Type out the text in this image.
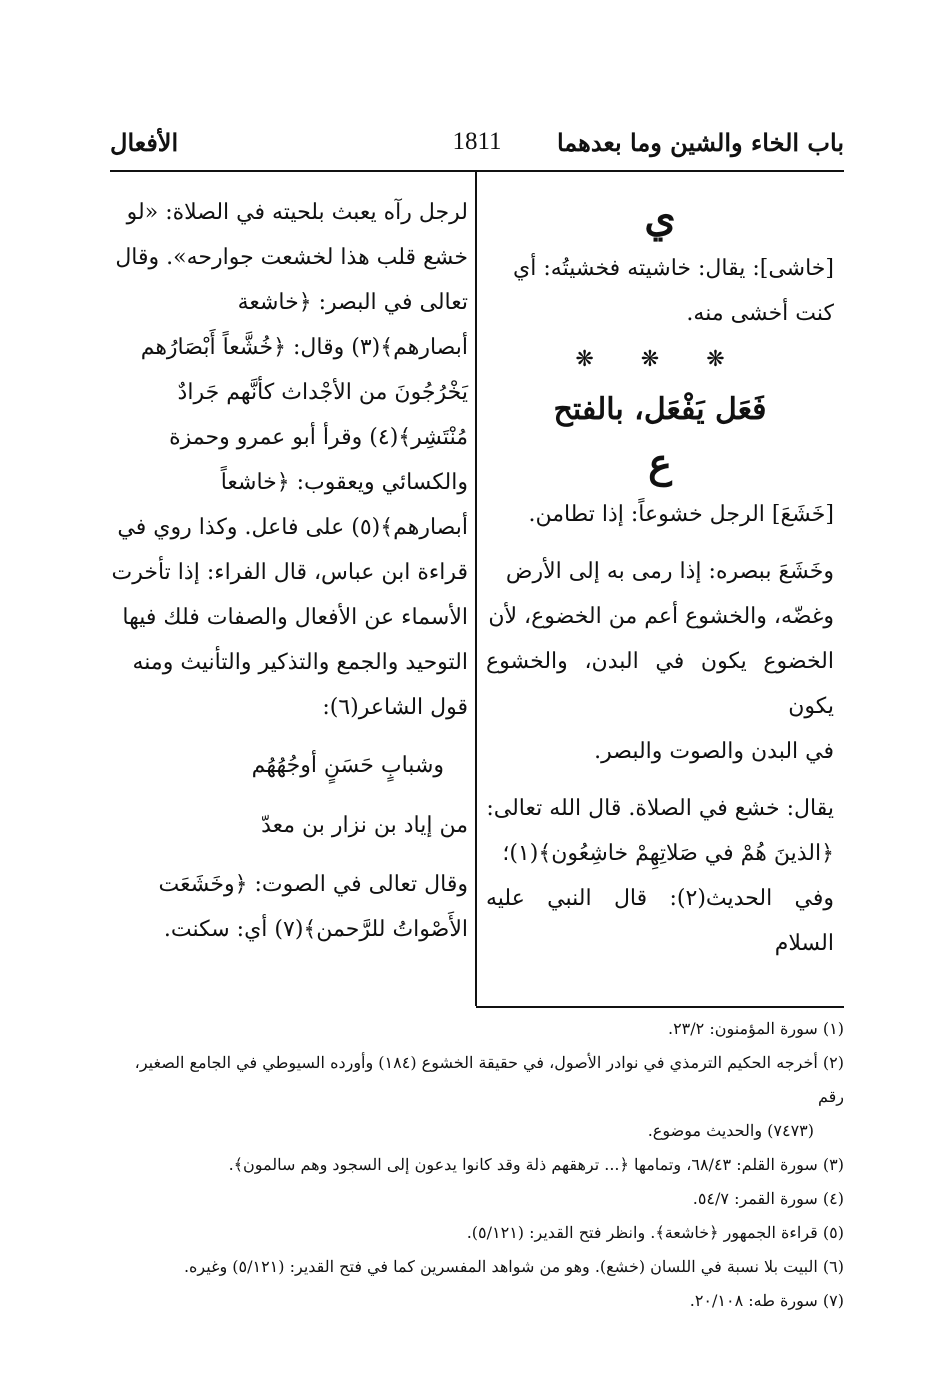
باب الخاء والشين وما بعدهما
1811
الأفعال

ي

[خاشى]: يقال: خاشيته فخشيتُه: أي

كنت أخشى منه.

❋ ❋ ❋

فَعَل يَفْعَل، بالفتح

ع

[خَشَعَ] الرجل خشوعاً: إذا تطامن.

وخَشَعَ ببصره: إذا رمى به إلى الأرض

وغضّه، والخشوع أعم من الخضوع، لأن

الخضوع يكون في البدن، والخشوع يكون

في البدن والصوت والبصر.

يقال: خشع في الصلاة. قال الله تعالى:

﴿الذينَ هُمْ في صَلاتِهِمْ خاشِعُون﴾(١)؛

وفي الحديث(٢): قال النبي عليه السلام

لرجل رآه يعبث بلحيته في الصلاة: «لو

خشع قلب هذا لخشعت جوارحه». وقال

تعالى في البصر: ﴿خاشعة

أبصارهم﴾(٣) وقال: ﴿خُشَّعاً أَبْصَارُهم

يَخْرُجُونَ من الأجْداث كأنَّهم جَرادٌ

مُنْتَشِر﴾(٤) وقرأ أبو عمرو وحمزة

والكسائي ويعقوب: ﴿خاشعاً

أبصارهم﴾(٥) على فاعل. وكذا روي في

قراءة ابن عباس، قال الفراء: إذا تأخرت

الأسماء عن الأفعال والصفات فلك فيها

التوحيد والجمع والتذكير والتأنيث ومنه

قول الشاعر(٦):

وشبابٍ حَسَنٍ أوجُهُهُم

من إياد بن نزار بن معدّ

وقال تعالى في الصوت: ﴿وخَشَعَت

الأَصْواتُ للرَّحمن﴾(٧) أي: سكنت.

(١) سورة المؤمنون: ٢٣/٢.

(٢) أخرجه الحكيم الترمذي في نوادر الأصول، في حقيقة الخشوع (١٨٤) وأورده السيوطي في الجامع الصغير، رقم

(٧٤٧٣) والحديث موضوع.

(٣) سورة القلم: ٦٨/٤٣، وتمامها ﴿... ترهقهم ذلة وقد كانوا يدعون إلى السجود وهم سالمون﴾.

(٤) سورة القمر: ٥٤/٧.

(٥) قراءة الجمهور ﴿خاشعة﴾. وانظر فتح القدير: (٥/١٢١).

(٦) البيت بلا نسبة في اللسان (خشع). وهو من شواهد المفسرين كما في فتح القدير: (٥/١٢١) وغيره.

(٧) سورة طه: ٢٠/١٠٨.
